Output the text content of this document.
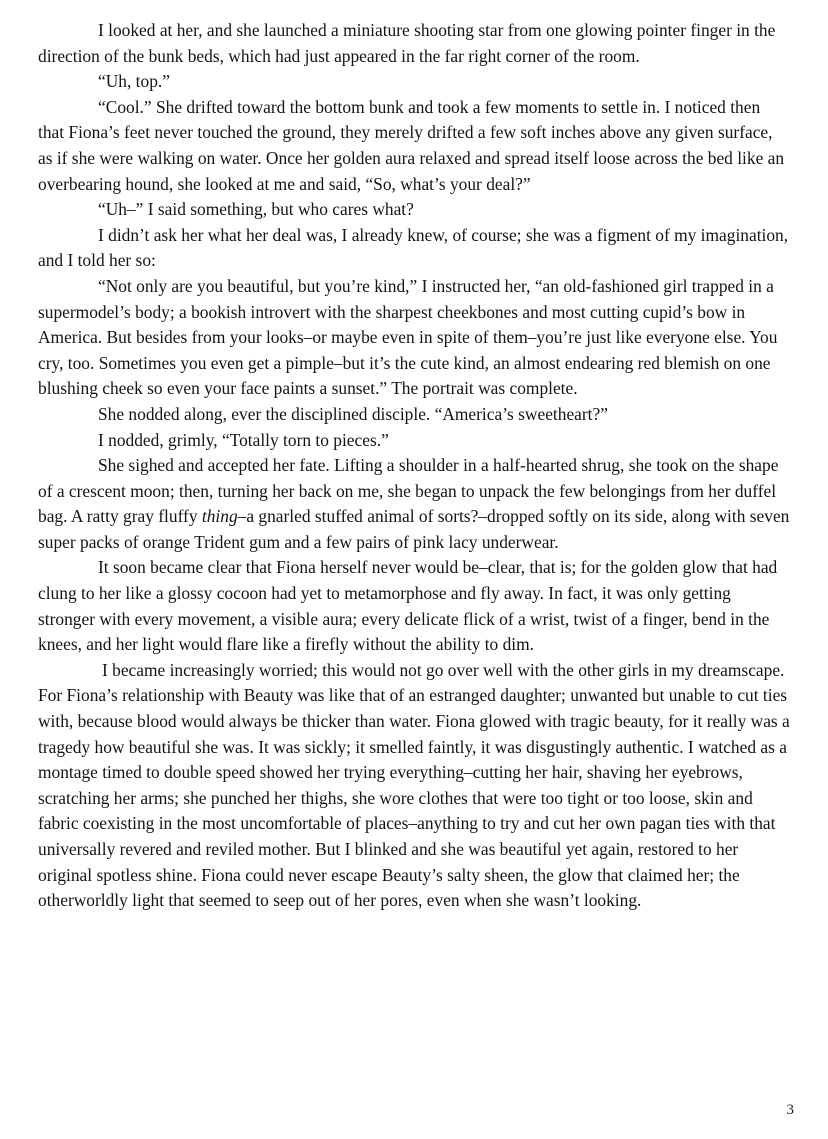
I looked at her, and she launched a miniature shooting star from one glowing pointer finger in the direction of the bunk beds, which had just appeared in the far right corner of the room.

“Uh, top.”

“Cool.” She drifted toward the bottom bunk and took a few moments to settle in. I noticed then that Fiona’s feet never touched the ground, they merely drifted a few soft inches above any given surface, as if she were walking on water. Once her golden aura relaxed and spread itself loose across the bed like an overbearing hound, she looked at me and said, “So, what’s your deal?”

“Uh–” I said something, but who cares what?

I didn’t ask her what her deal was, I already knew, of course; she was a figment of my imagination, and I told her so:

“Not only are you beautiful, but you’re kind,” I instructed her, “an old-fashioned girl trapped in a supermodel’s body; a bookish introvert with the sharpest cheekbones and most cutting cupid’s bow in America. But besides from your looks–or maybe even in spite of them–you’re just like everyone else. You cry, too. Sometimes you even get a pimple–but it’s the cute kind, an almost endearing red blemish on one blushing cheek so even your face paints a sunset.” The portrait was complete.

She nodded along, ever the disciplined disciple. “America’s sweetheart?”

I nodded, grimly, “Totally torn to pieces.”

She sighed and accepted her fate. Lifting a shoulder in a half-hearted shrug, she took on the shape of a crescent moon; then, turning her back on me, she began to unpack the few belongings from her duffel bag. A ratty gray fluffy thing–a gnarled stuffed animal of sorts?–dropped softly on its side, along with seven super packs of orange Trident gum and a few pairs of pink lacy underwear.

It soon became clear that Fiona herself never would be–clear, that is; for the golden glow that had clung to her like a glossy cocoon had yet to metamorphose and fly away. In fact, it was only getting stronger with every movement, a visible aura; every delicate flick of a wrist, twist of a finger, bend in the knees, and her light would flare like a firefly without the ability to dim.

I became increasingly worried; this would not go over well with the other girls in my dreamscape. For Fiona’s relationship with Beauty was like that of an estranged daughter; unwanted but unable to cut ties with, because blood would always be thicker than water. Fiona glowed with tragic beauty, for it really was a tragedy how beautiful she was. It was sickly; it smelled faintly, it was disgustingly authentic. I watched as a montage timed to double speed showed her trying everything–cutting her hair, shaving her eyebrows, scratching her arms; she punched her thighs, she wore clothes that were too tight or too loose, skin and fabric coexisting in the most uncomfortable of places–anything to try and cut her own pagan ties with that universally revered and reviled mother. But I blinked and she was beautiful yet again, restored to her original spotless shine. Fiona could never escape Beauty’s salty sheen, the glow that claimed her; the otherworldly light that seemed to seep out of her pores, even when she wasn’t looking.

3
